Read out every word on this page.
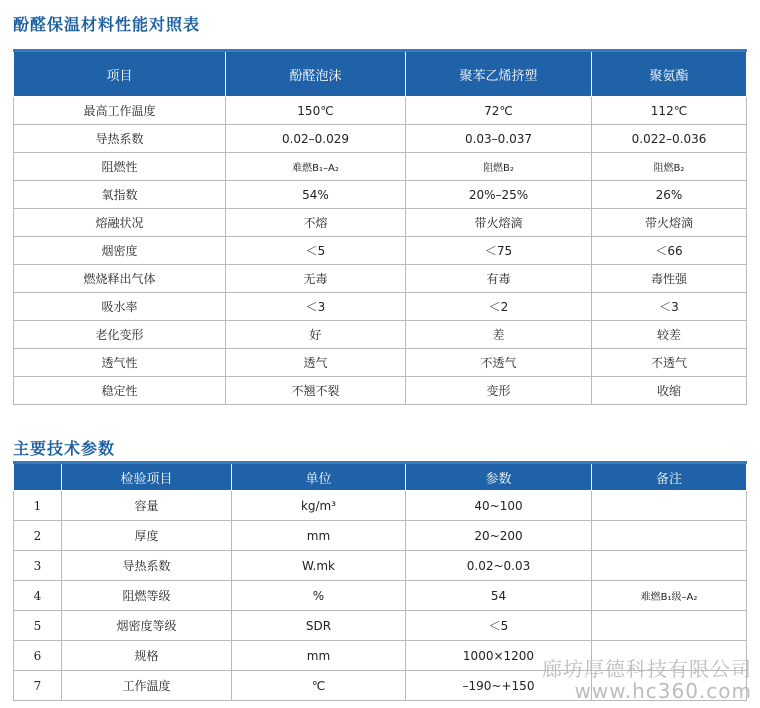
酚醛保温材料性能对照表
项目	酚醛泡沫	聚苯乙烯挤塑	聚氨酯
最高工作温度	150℃	72℃	112℃
导热系数	0.02–0.029	0.03–0.037	0.022–0.036
阻燃性	难燃B₁–A₂	阻燃B₂	阻燃B₂
氧指数	54%	20%–25%	26%
熔融状况	不熔	带火熔滴	带火熔滴
烟密度	＜5	＜75	＜66
燃烧释出气体	无毒	有毒	毒性强
吸水率	＜3	＜2	＜3
老化变形	好	差	较差
透气性	透气	不透气	不透气
稳定性	不翘不裂	变形	收缩
主要技术参数
	检验项目	单位	参数	备注
1	容量	kg/m³	40~100	
2	厚度	mm	20~200	
3	导热系数	W.mk	0.02~0.03	
4	阻燃等级	%	54	难燃B₁级–A₂
5	烟密度等级	SDR	＜5	
6	规格	mm	1000×1200	
7	工作温度	℃	–190~+150	
廊坊厚德科技有限公司
www.hc360.com
